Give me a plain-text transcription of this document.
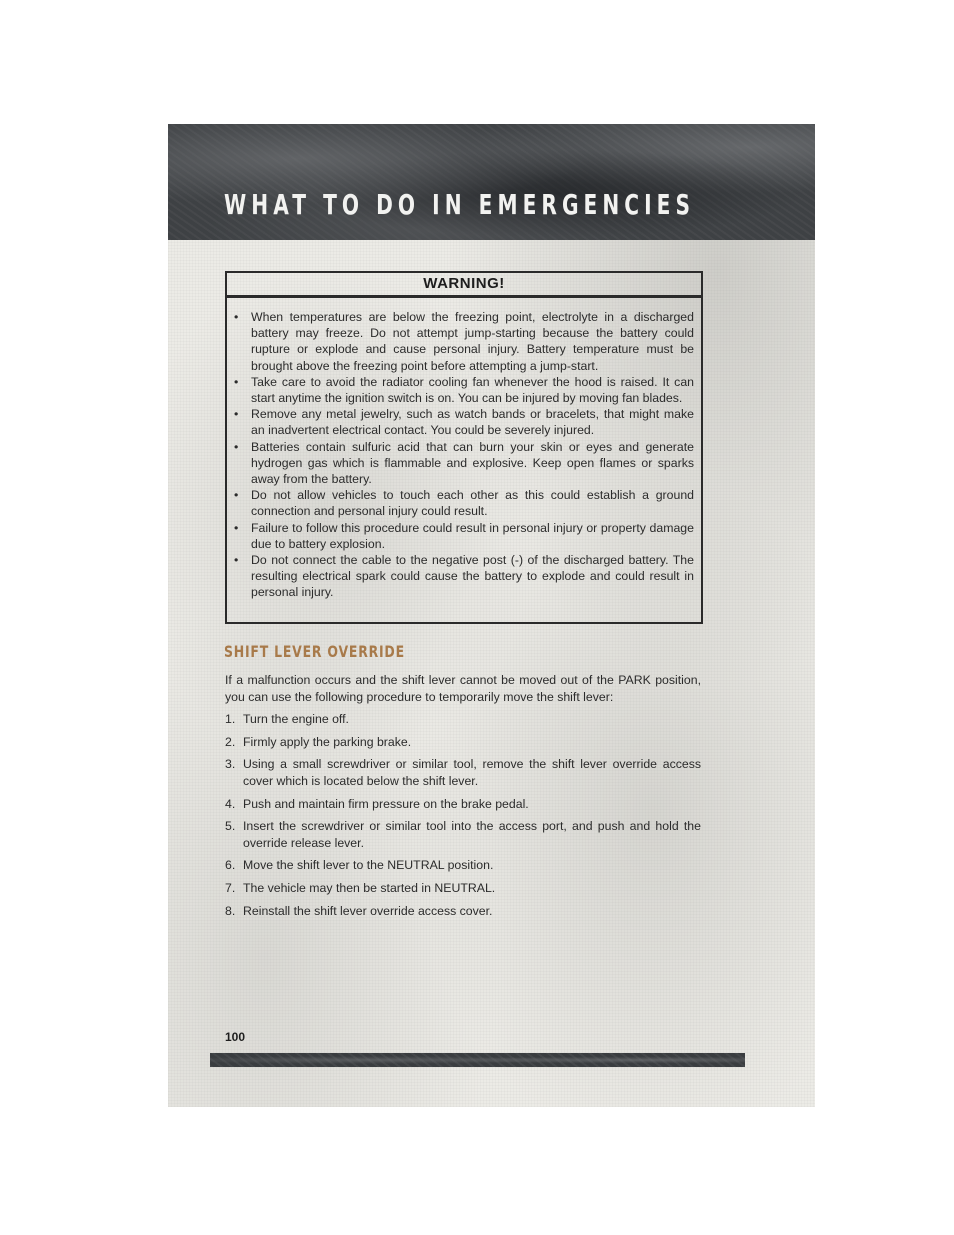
WHAT TO DO IN EMERGENCIES
WARNING!
• When temperatures are below the freezing point, electrolyte in a discharged battery may freeze. Do not attempt jump-starting because the battery could rupture or explode and cause personal injury. Battery temperature must be brought above the freezing point before attempting a jump-start.
• Take care to avoid the radiator cooling fan whenever the hood is raised. It can start anytime the ignition switch is on. You can be injured by moving fan blades.
• Remove any metal jewelry, such as watch bands or bracelets, that might make an inadvertent electrical contact. You could be severely injured.
• Batteries contain sulfuric acid that can burn your skin or eyes and generate hydrogen gas which is flammable and explosive. Keep open flames or sparks away from the battery.
• Do not allow vehicles to touch each other as this could establish a ground connection and personal injury could result.
• Failure to follow this procedure could result in personal injury or property damage due to battery explosion.
• Do not connect the cable to the negative post (-) of the discharged battery. The resulting electrical spark could cause the battery to explode and could result in personal injury.
SHIFT LEVER OVERRIDE
If a malfunction occurs and the shift lever cannot be moved out of the PARK position, you can use the following procedure to temporarily move the shift lever:
1. Turn the engine off.
2. Firmly apply the parking brake.
3. Using a small screwdriver or similar tool, remove the shift lever override access cover which is located below the shift lever.
4. Push and maintain firm pressure on the brake pedal.
5. Insert the screwdriver or similar tool into the access port, and push and hold the override release lever.
6. Move the shift lever to the NEUTRAL position.
7. The vehicle may then be started in NEUTRAL.
8. Reinstall the shift lever override access cover.
100
